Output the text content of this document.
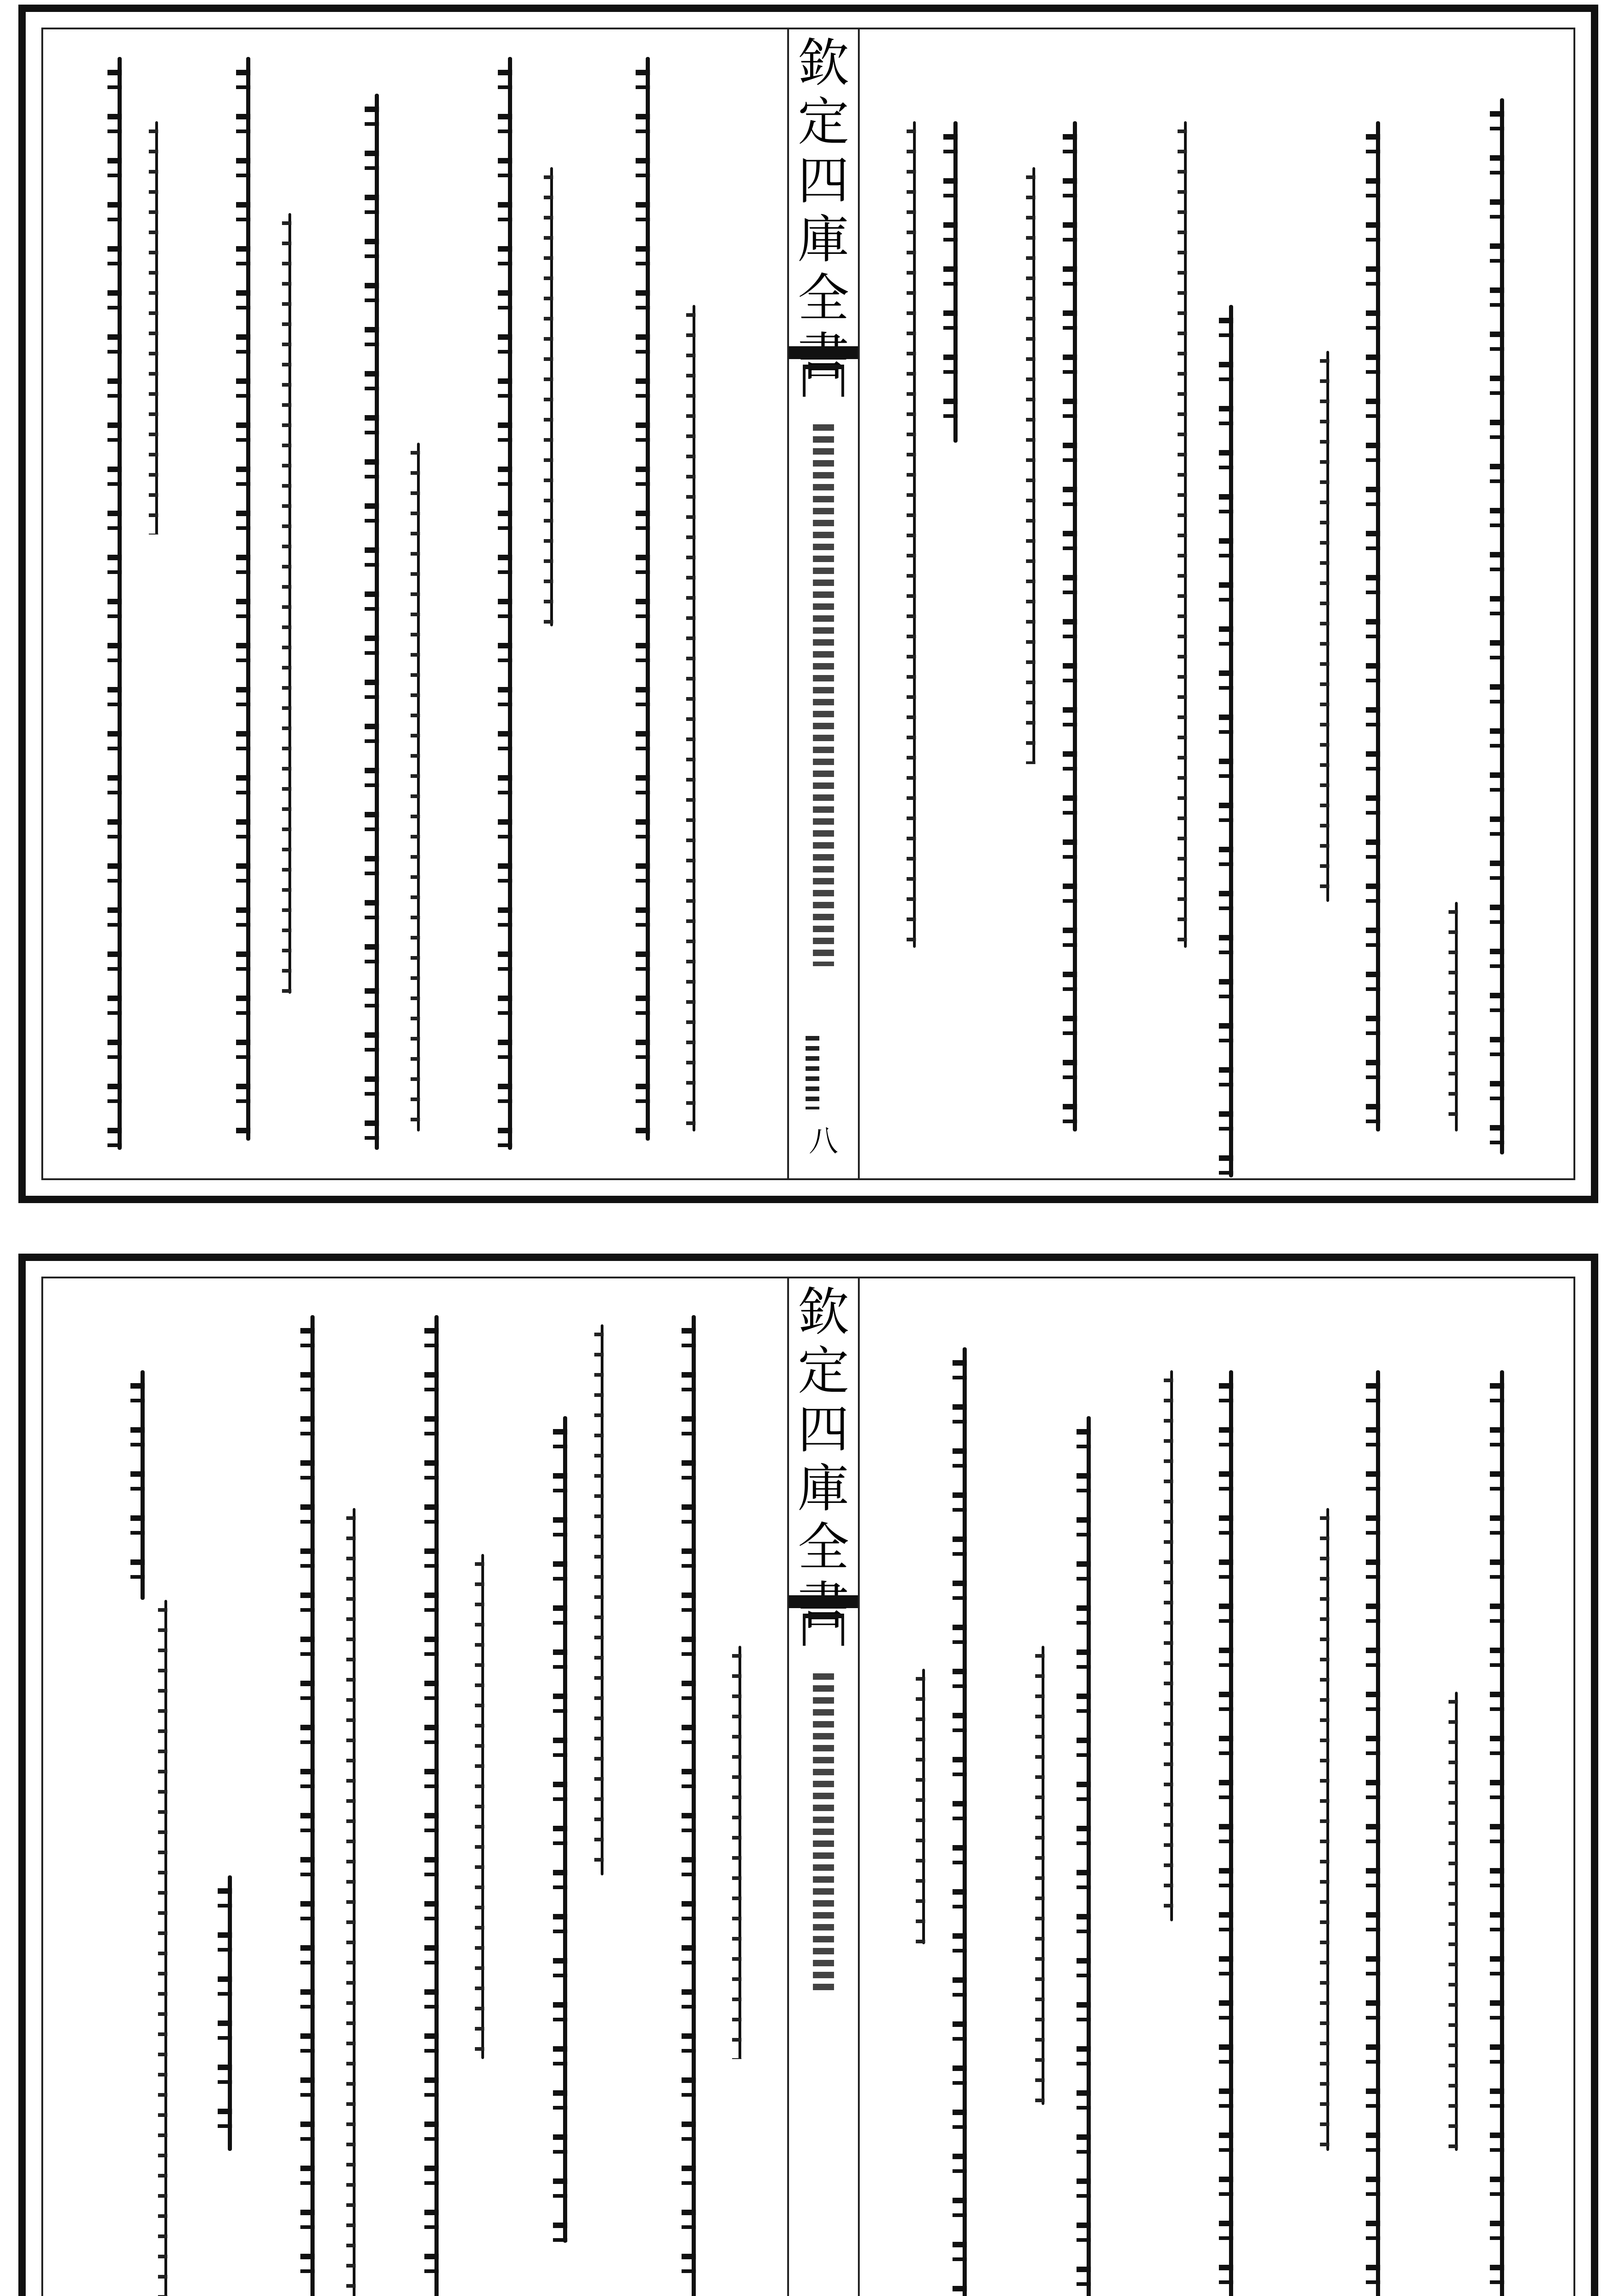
欽
定
四
庫
全
八
欽
定
四
庫
全
